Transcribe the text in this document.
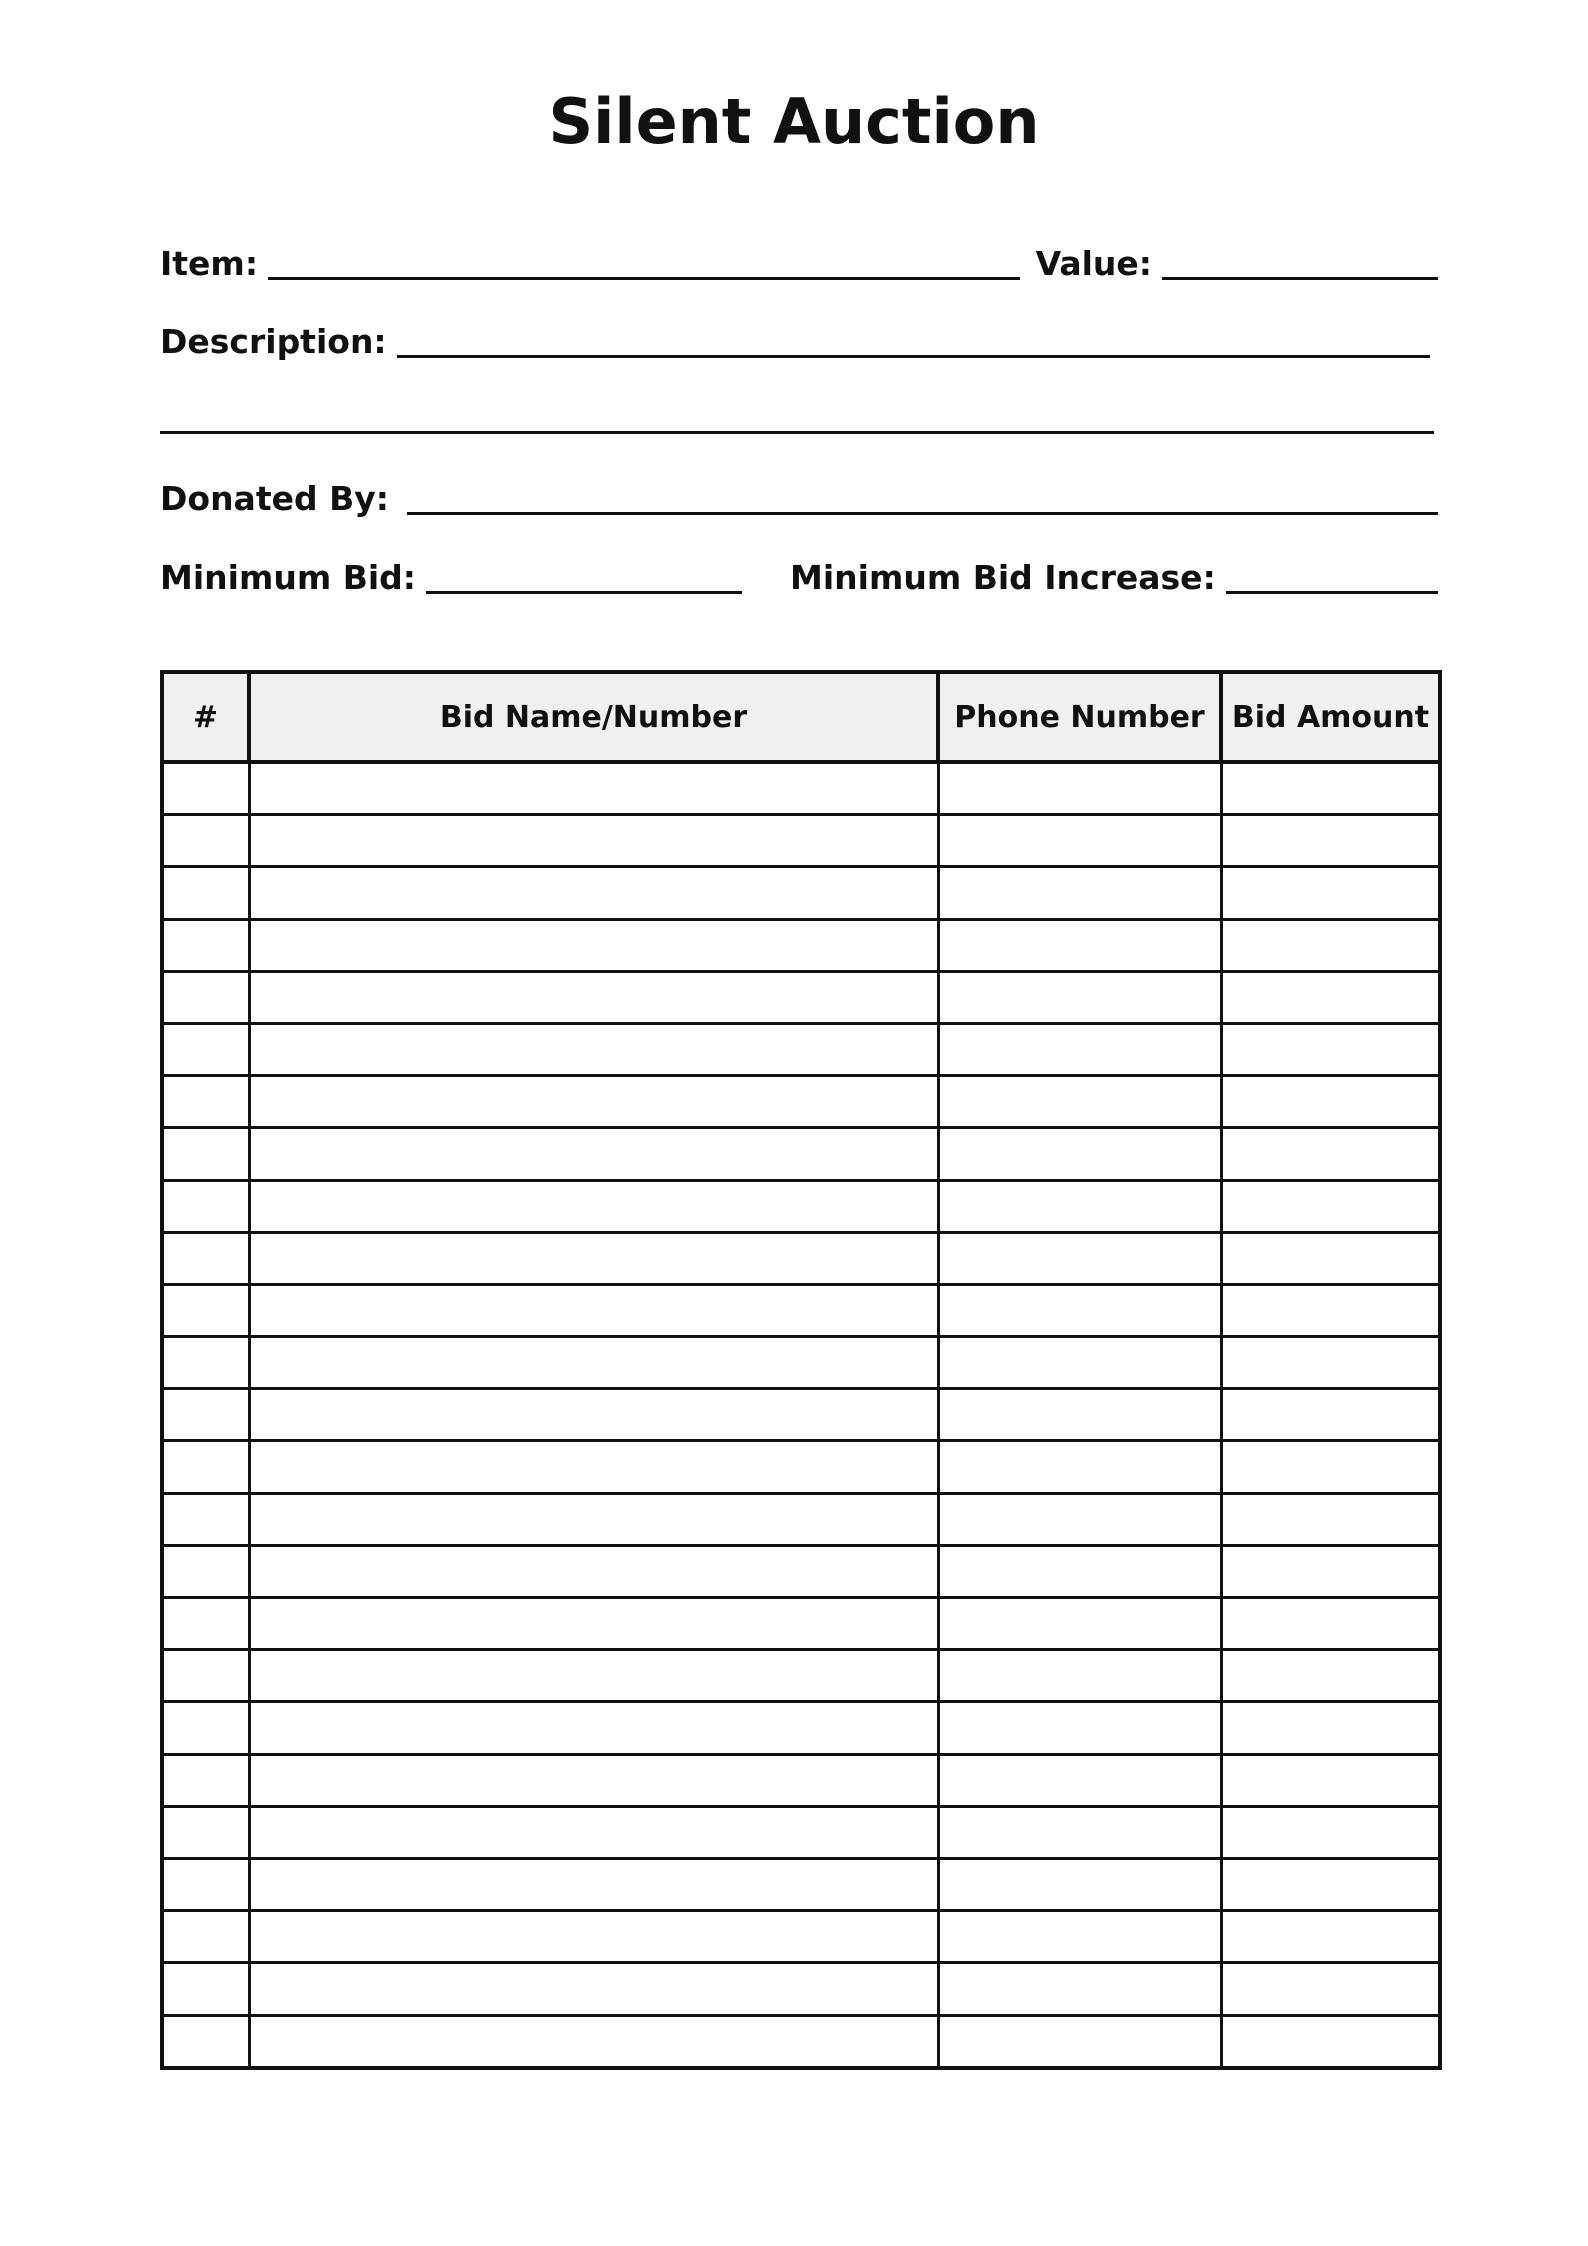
Silent Auction
Item:	Value:
Description:
Donated By:
Minimum Bid:	Minimum Bid Increase:
#	Bid Name/Number	Phone Number	Bid Amount
